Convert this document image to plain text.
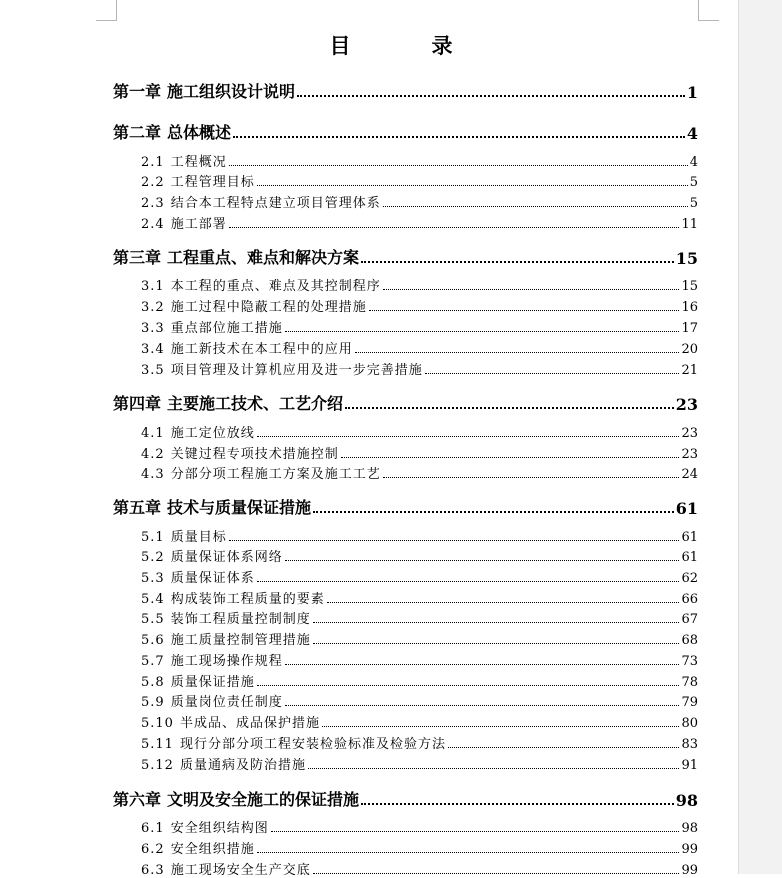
目　录
第一章 施工组织设计说明	1
第二章 总体概述	4
2.1 工程概况	4
2.2 工程管理目标	5
2.3 结合本工程特点建立项目管理体系	5
2.4 施工部署	11
第三章 工程重点、难点和解决方案	15
3.1 本工程的重点、难点及其控制程序	15
3.2 施工过程中隐蔽工程的处理措施	16
3.3 重点部位施工措施	17
3.4 施工新技术在本工程中的应用	20
3.5 项目管理及计算机应用及进一步完善措施	21
第四章 主要施工技术、工艺介绍	23
4.1 施工定位放线	23
4.2 关键过程专项技术措施控制	23
4.3 分部分项工程施工方案及施工工艺	24
第五章 技术与质量保证措施	61
5.1 质量目标	61
5.2 质量保证体系网络	61
5.3 质量保证体系	62
5.4 构成装饰工程质量的要素	66
5.5 装饰工程质量控制制度	67
5.6 施工质量控制管理措施	68
5.7 施工现场操作规程	73
5.8 质量保证措施	78
5.9 质量岗位责任制度	79
5.10 半成品、成品保护措施	80
5.11 现行分部分项工程安装检验标准及检验方法	83
5.12 质量通病及防治措施	91
第六章 文明及安全施工的保证措施	98
6.1 安全组织结构图	98
6.2 安全组织措施	99
6.3 施工现场安全生产交底	99
